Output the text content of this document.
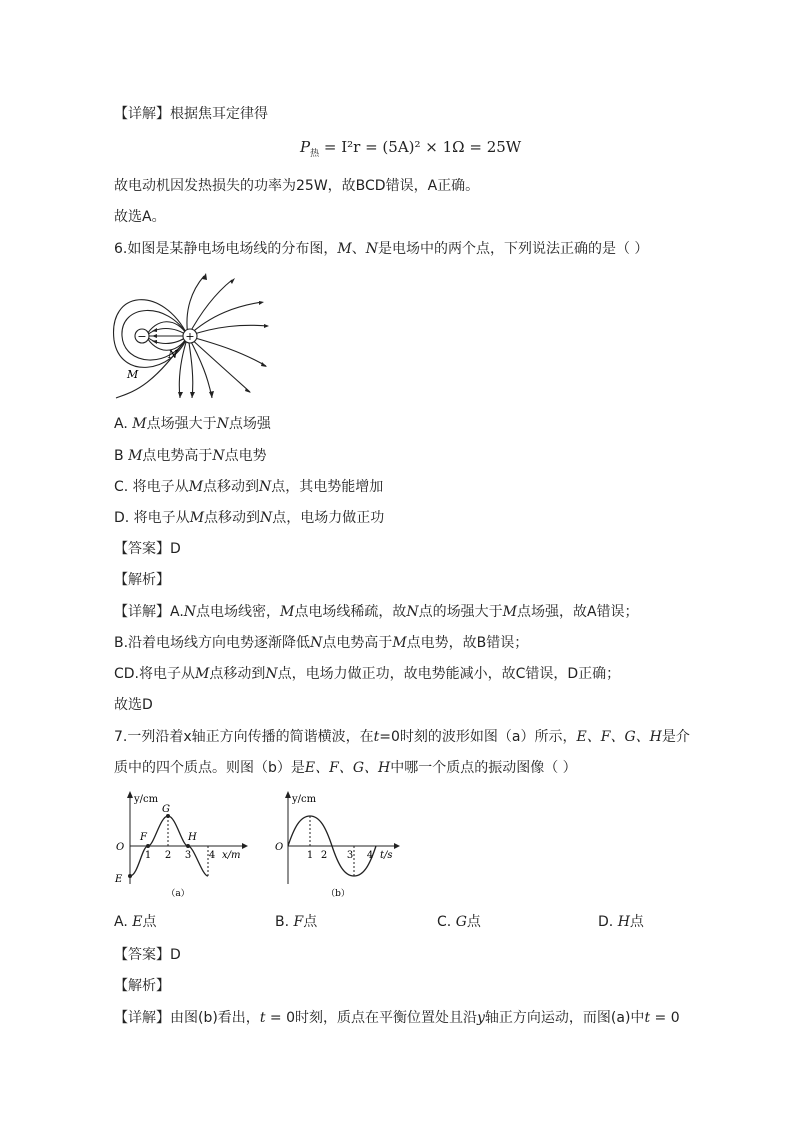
【详解】根据焦耳定律得
$P_热 = I^2r = (5A)^2 \times 1\Omega = 25W$
故电动机因发热损失的功率为25W，故BCD错误，A正确。
故选A。
6.如图是某静电场电场线的分布图，M、N是电场中的两个点，下列说法正确的是（ ）
−	+
N
M
A. M点场强大于N点场强
B M点电势高于N点电势
C. 将电子从M点移动到N点，其电势能增加
D. 将电子从M点移动到N点，电场力做正功
【答案】D
【解析】
【详解】A.N点电场线密，M点电场线稀疏，故N点的场强大于M点场强，故A错误；
B.沿着电场线方向电势逐渐降低N点电势高于M点电势，故B错误；
CD.将电子从M点移动到N点，电场力做正功，故电势能减小，故C错误，D正确；
故选D
7.一列沿着x轴正方向传播的简谐横波，在t=0时刻的波形如图（a）所示，E、F、G、H是介
质中的四个质点。则图（b）是E、F、G、H中哪一个质点的振动图像（ ）
y/cm
x/m
O
1 2 3 4
E
F
G
H
（a）
y/cm
t/s
O
1 2 3 4
（b）
A. E点	B. F点	C. G点	D. H点
【答案】D
【解析】
【详解】由图(b)看出，t = 0时刻，质点在平衡位置处且沿y轴正方向运动，而图(a)中t = 0
